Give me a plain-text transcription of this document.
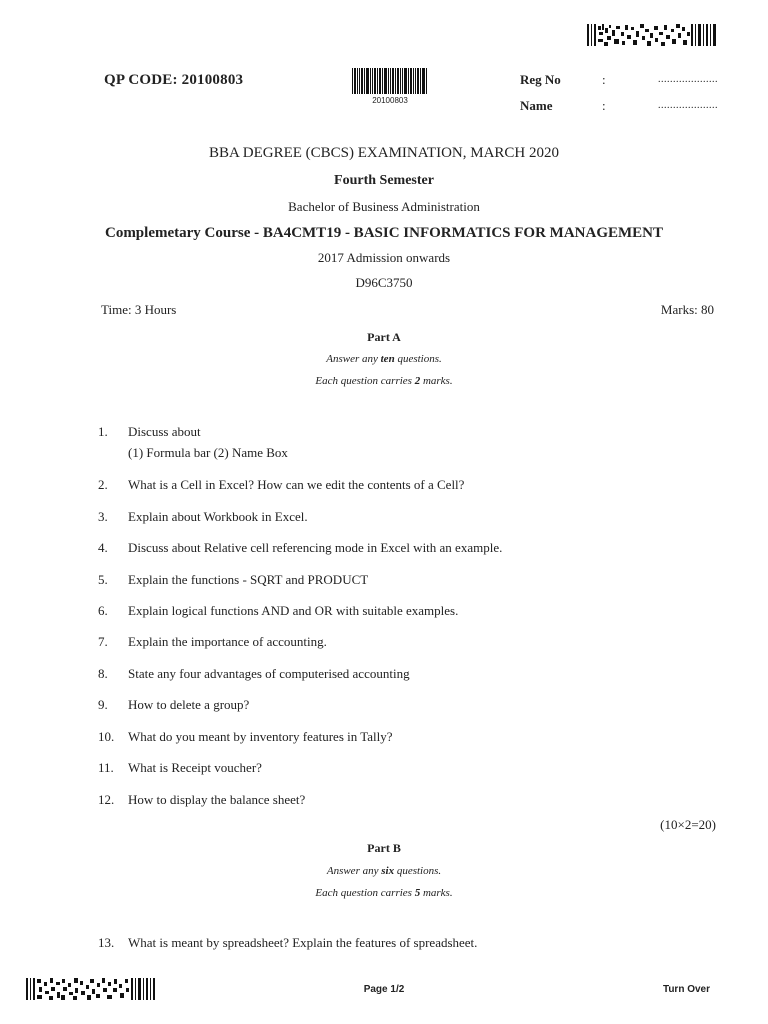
QP CODE: 20100803
20100803
Reg No	:	....................
Name	:	....................
BBA DEGREE (CBCS) EXAMINATION, MARCH 2020
Fourth Semester
Bachelor of Business Administration
Complemetary Course - BA4CMT19 - BASIC INFORMATICS FOR MANAGEMENT
2017 Admission onwards
D96C3750
Time: 3 Hours	Marks: 80
Part A
Answer any ten questions.
Each question carries 2 marks.
1.	Discuss about
(1) Formula bar (2) Name Box
2.	What is a Cell in Excel? How can we edit the contents of a Cell?
3.	Explain about Workbook in Excel.
4.	Discuss about Relative cell referencing mode in Excel with an example.
5.	Explain the functions - SQRT and PRODUCT
6.	Explain logical functions AND and OR with suitable examples.
7.	Explain the importance of accounting.
8.	State any four advantages of computerised accounting
9.	How to delete a group?
10.	What do you meant by inventory features in Tally?
11.	What is Receipt voucher?
12.	How to display the balance sheet?
(10×2=20)
Part B
Answer any six questions.
Each question carries 5 marks.
13.	What is meant by spreadsheet? Explain the features of spreadsheet.
Page 1/2	Turn Over
